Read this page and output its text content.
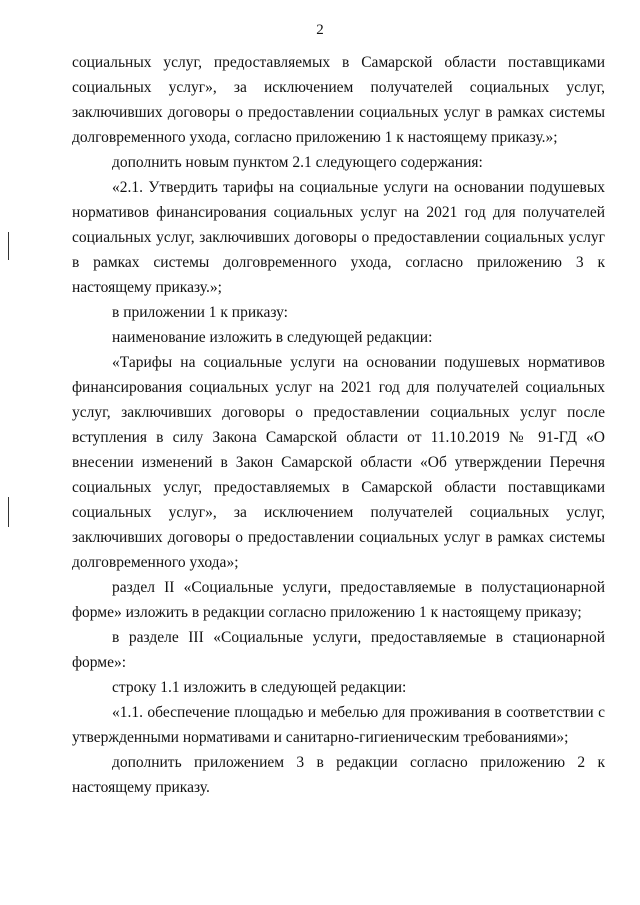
2

социальных услуг, предоставляемых в Самарской области поставщиками социальных услуг», за исключением получателей социальных услуг, заключивших договоры о предоставлении социальных услуг в рамках системы долговременного ухода, согласно приложению 1 к настоящему приказу.»;

дополнить новым пунктом 2.1 следующего содержания:

«2.1. Утвердить тарифы на социальные услуги на основании подушевых нормативов финансирования социальных услуг на 2021 год для получателей социальных услуг, заключивших договоры о предоставлении социальных услуг в рамках системы долговременного ухода, согласно приложению 3 к настоящему приказу.»;

в приложении 1 к приказу:

наименование изложить в следующей редакции:

«Тарифы на социальные услуги на основании подушевых нормативов финансирования социальных услуг на 2021 год для получателей социальных услуг, заключивших договоры о предоставлении социальных услуг после вступления в силу Закона Самарской области от 11.10.2019 № 91-ГД «О внесении изменений в Закон Самарской области «Об утверждении Перечня социальных услуг, предоставляемых в Самарской области поставщиками социальных услуг», за исключением получателей социальных услуг, заключивших договоры о предоставлении социальных услуг в рамках системы долговременного ухода»;

раздел II «Социальные услуги, предоставляемые в полустационарной форме» изложить в редакции согласно приложению 1 к настоящему приказу;

в разделе III «Социальные услуги, предоставляемые в стационарной форме»:

строку 1.1 изложить в следующей редакции:

«1.1. обеспечение площадью и мебелью для проживания в соответствии с утвержденными нормативами и санитарно-гигиеническим требованиями»;

дополнить приложением 3 в редакции согласно приложению 2 к настоящему приказу.
